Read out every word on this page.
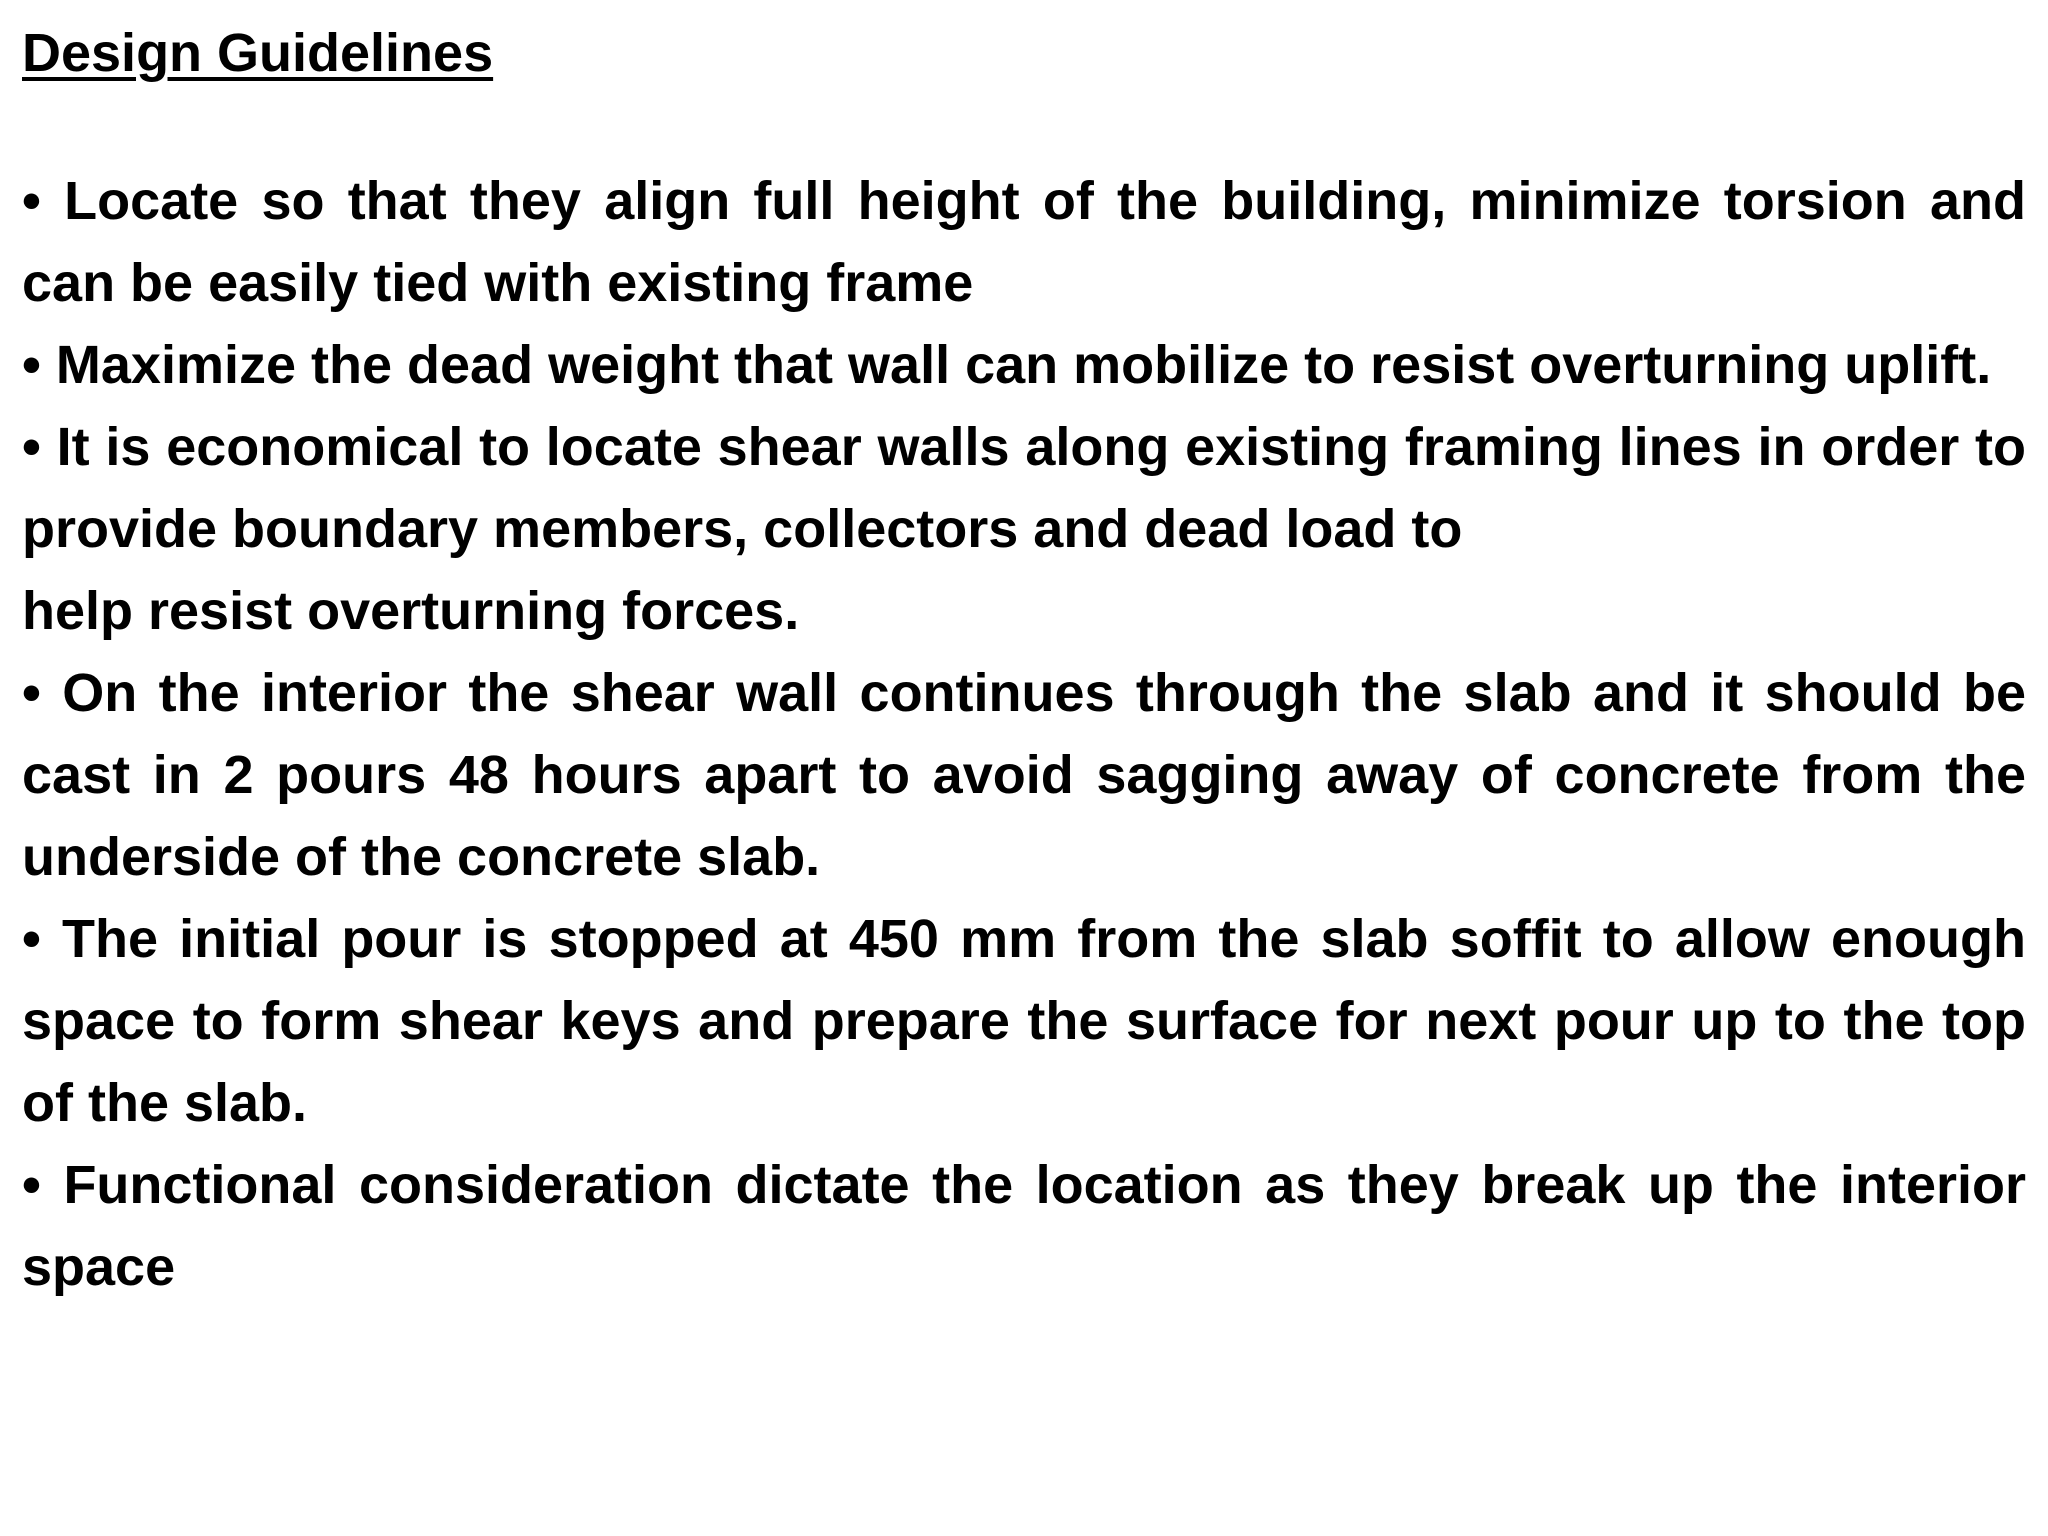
Design Guidelines

• Locate so that they align full height of the building, minimize torsion and can be easily tied with existing frame

• Maximize the dead weight that wall can mobilize to resist overturning uplift.

• It is economical to locate shear walls along existing framing lines in order to provide boundary members, collectors and dead load to
help resist overturning forces.

• On the interior the shear wall continues through the slab and it should be cast in 2 pours 48 hours apart to avoid sagging away of concrete from the underside of the concrete slab.

• The initial pour is stopped at 450 mm from the slab soffit to allow enough space to form shear keys and prepare the surface for next pour up to the top of the slab.

• Functional consideration dictate the location as they break up the interior space
